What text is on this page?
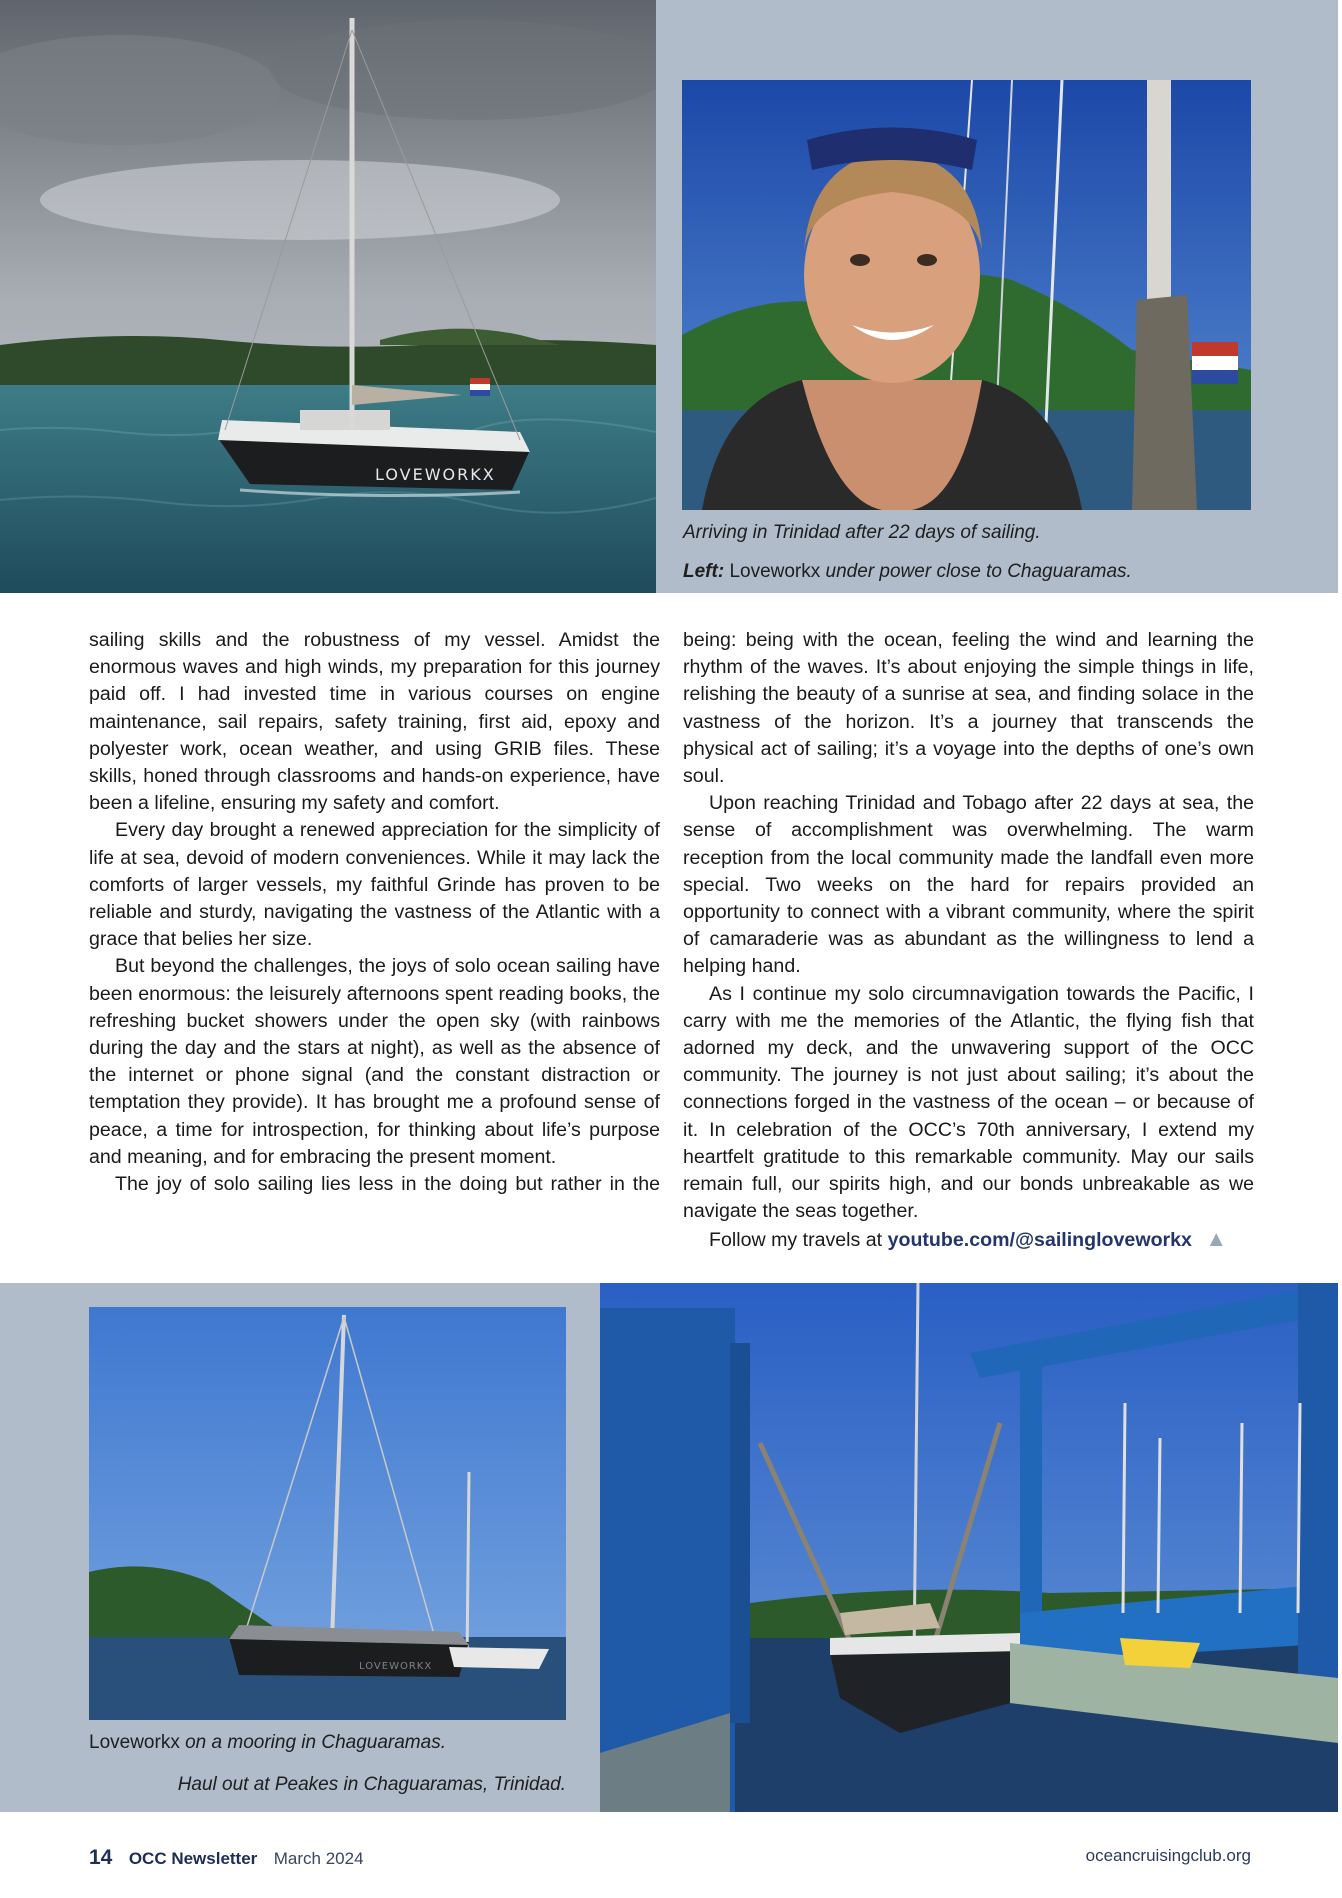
LOVEWORKX
Arriving in Trinidad after 22 days of sailing.
Left: Loveworkx under power close to Chaguaramas.

sailing skills and the robustness of my vessel. Amidst the enormous waves and high winds, my preparation for this journey paid off. I had invested time in various courses on engine maintenance, sail repairs, safety training, first aid, epoxy and polyester work, ocean weather, and using GRIB files. These skills, honed through classrooms and hands-on experience, have been a lifeline, ensuring my safety and comfort.

Every day brought a renewed appreciation for the simplicity of life at sea, devoid of modern conveniences. While it may lack the comforts of larger vessels, my faithful Grinde has proven to be reliable and sturdy, navigating the vastness of the Atlantic with a grace that belies her size.

But beyond the challenges, the joys of solo ocean sailing have been enormous: the leisurely afternoons spent reading books, the refreshing bucket showers under the open sky (with rainbows during the day and the stars at night), as well as the absence of the internet or phone signal (and the constant distraction or temptation they provide). It has brought me a profound sense of peace, a time for introspection, for thinking about life’s purpose and meaning, and for embracing the present moment.

The joy of solo sailing lies less in the doing but rather in the

being: being with the ocean, feeling the wind and learning the rhythm of the waves. It’s about enjoying the simple things in life, relishing the beauty of a sunrise at sea, and finding solace in the vastness of the horizon. It’s a journey that transcends the physical act of sailing; it’s a voyage into the depths of one’s own soul.

Upon reaching Trinidad and Tobago after 22 days at sea, the sense of accomplishment was overwhelming. The warm reception from the local community made the landfall even more special. Two weeks on the hard for repairs provided an opportunity to connect with a vibrant community, where the spirit of camaraderie was as abundant as the willingness to lend a helping hand.

As I continue my solo circumnavigation towards the Pacific, I carry with me the memories of the Atlantic, the flying fish that adorned my deck, and the unwavering support of the OCC community. The journey is not just about sailing; it’s about the connections forged in the vastness of the ocean – or because of it. In celebration of the OCC’s 70th anniversary, I extend my heartfelt gratitude to this remarkable community. May our sails remain full, our spirits high, and our bonds unbreakable as we navigate the seas together.

Follow my travels at youtube.com/@sailingloveworkx ▲

LOVEWORKX
Loveworkx on a mooring in Chaguaramas.
Haul out at Peakes in Chaguaramas, Trinidad.
14 OCC Newsletter March 2024	oceancruisingclub.org
